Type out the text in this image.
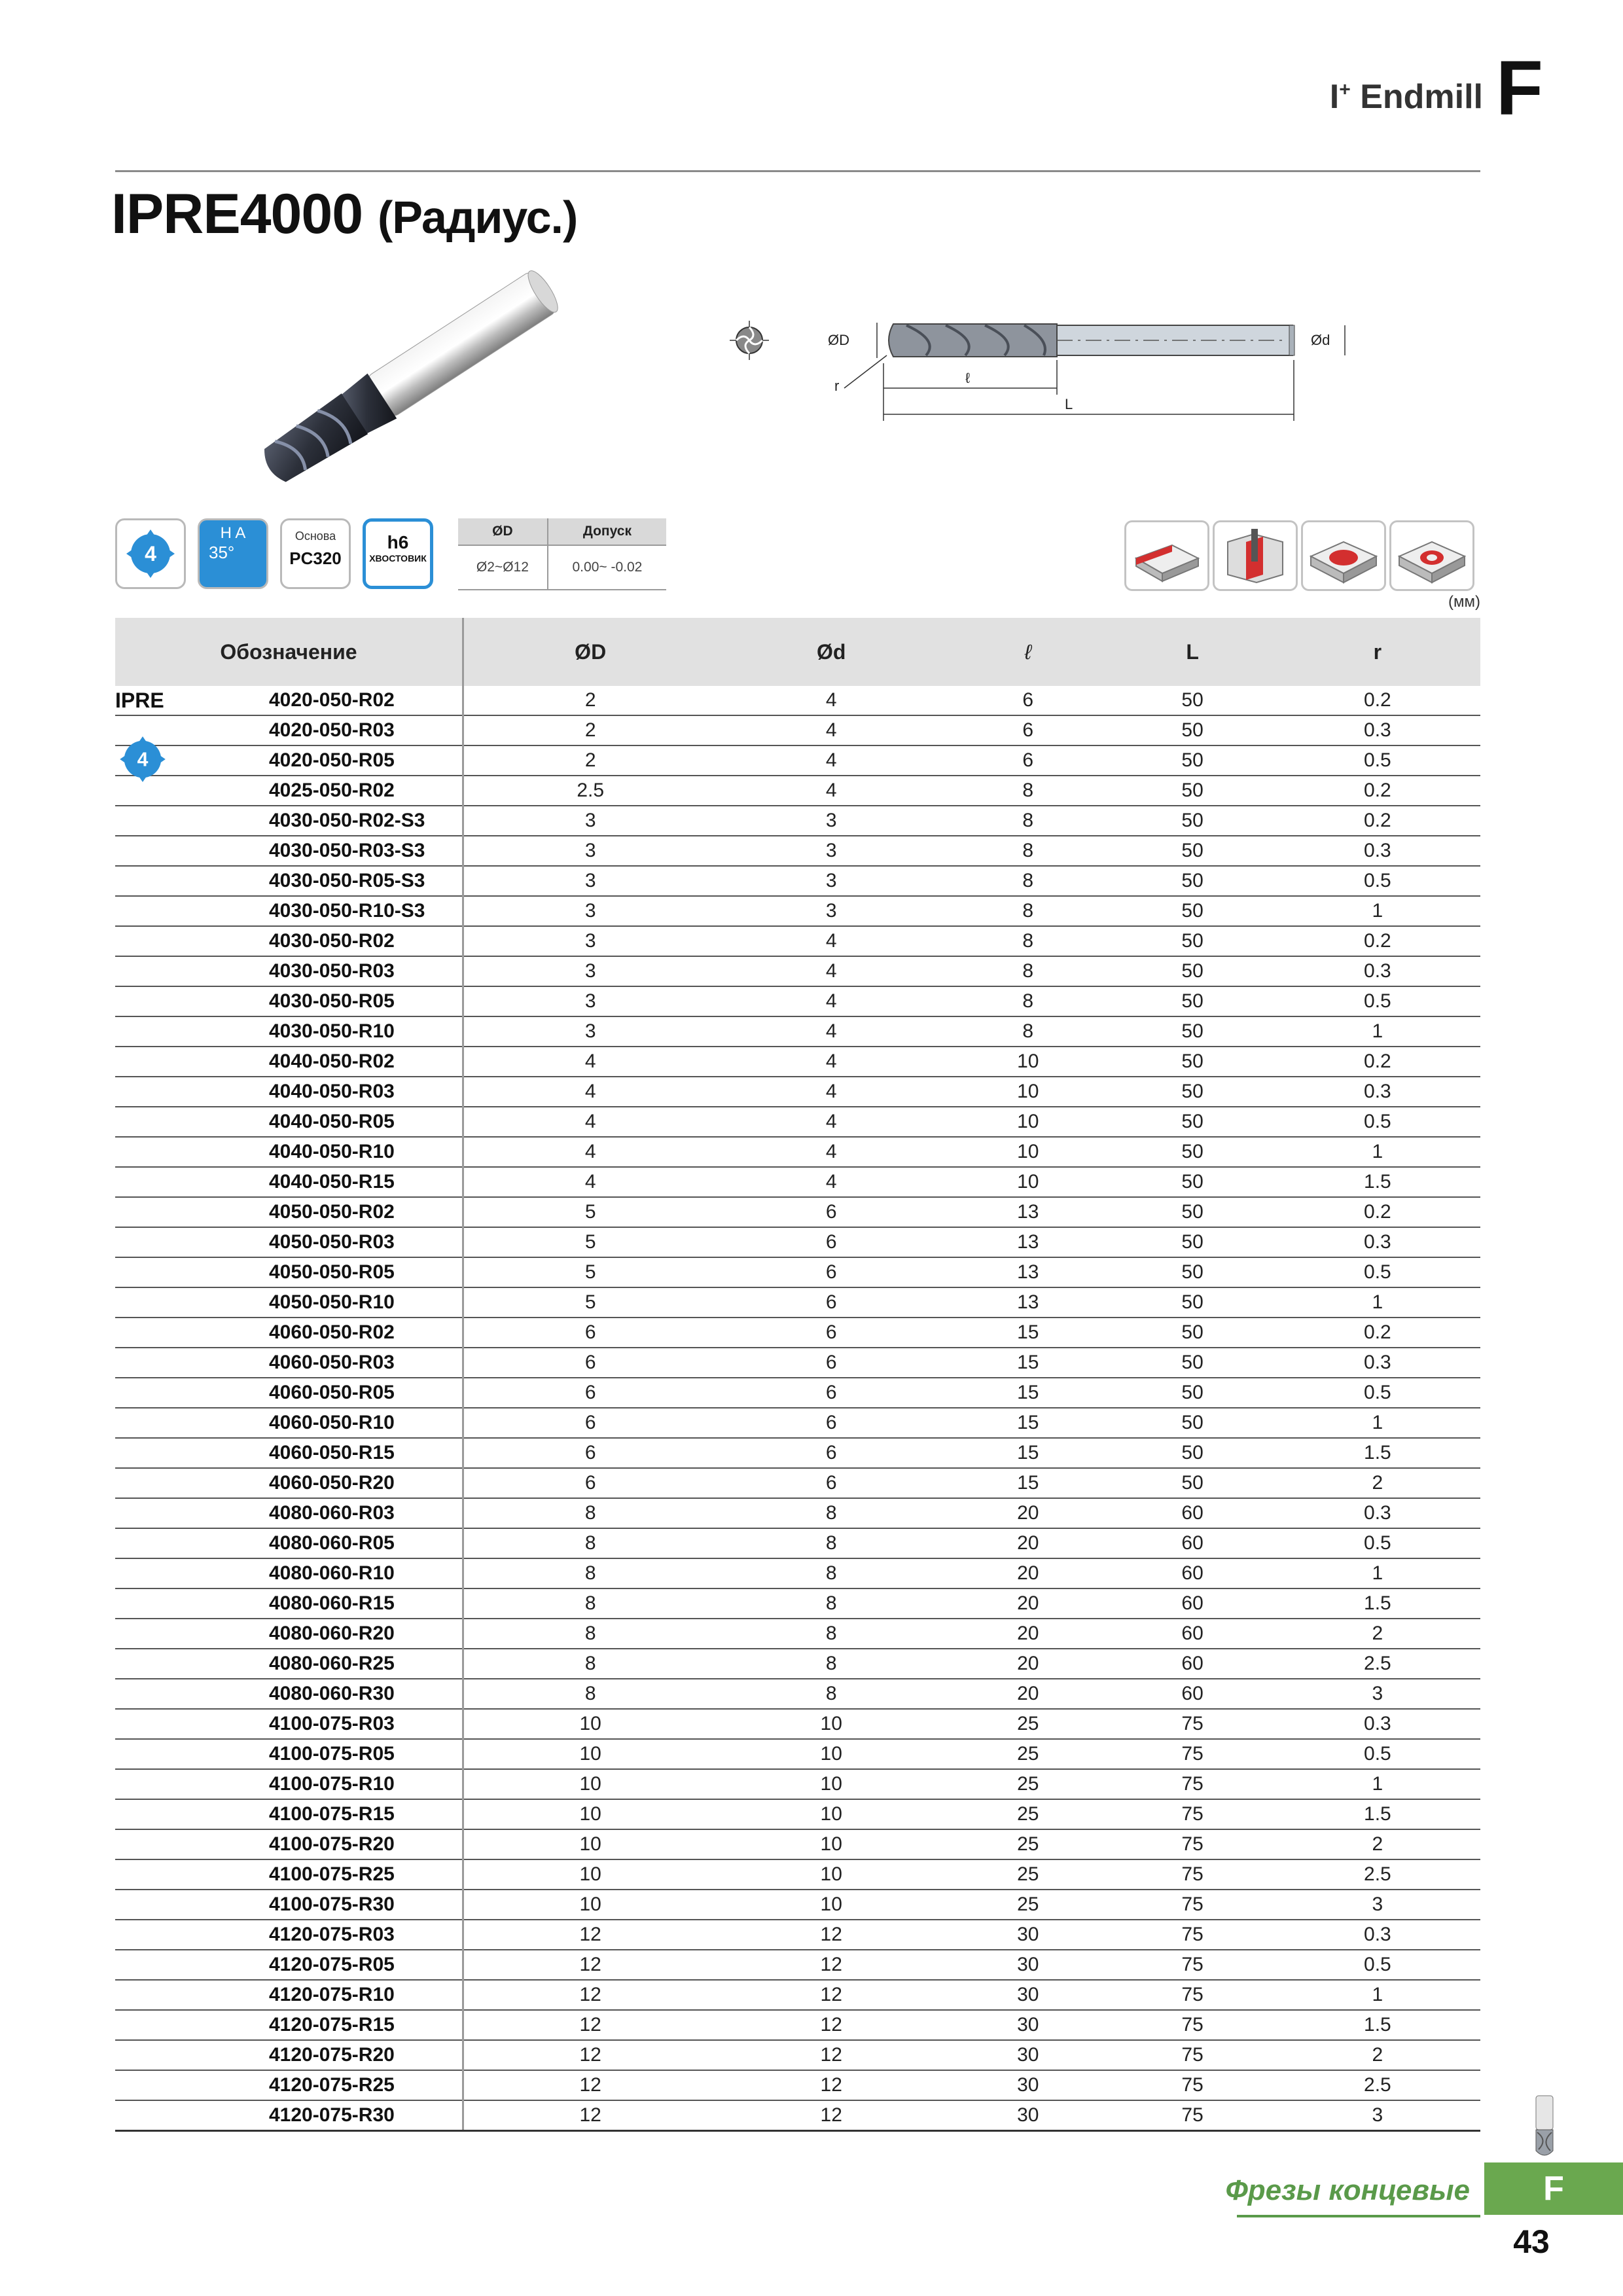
I+ Endmill F
IPRE4000 (Радиус.)
ØD	Ød
r	ℓ
L
4
H A
35°
Основа
PC320
h6
ХВОСТОВИК
ØD	Допуск
Ø2~Ø12	0.00~ -0.02
(мм)
Обозначение	ØD	Ød	ℓ	L	r
4020-050-R02	2	4	6	50	0.2
4020-050-R03	2	4	6	50	0.3
4020-050-R05	2	4	6	50	0.5
4025-050-R02	2.5	4	8	50	0.2
4030-050-R02-S3	3	3	8	50	0.2
4030-050-R03-S3	3	3	8	50	0.3
4030-050-R05-S3	3	3	8	50	0.5
4030-050-R10-S3	3	3	8	50	1
4030-050-R02	3	4	8	50	0.2
4030-050-R03	3	4	8	50	0.3
4030-050-R05	3	4	8	50	0.5
4030-050-R10	3	4	8	50	1
4040-050-R02	4	4	10	50	0.2
4040-050-R03	4	4	10	50	0.3
4040-050-R05	4	4	10	50	0.5
4040-050-R10	4	4	10	50	1
4040-050-R15	4	4	10	50	1.5
4050-050-R02	5	6	13	50	0.2
4050-050-R03	5	6	13	50	0.3
4050-050-R05	5	6	13	50	0.5
4050-050-R10	5	6	13	50	1
4060-050-R02	6	6	15	50	0.2
4060-050-R03	6	6	15	50	0.3
4060-050-R05	6	6	15	50	0.5
4060-050-R10	6	6	15	50	1
4060-050-R15	6	6	15	50	1.5
4060-050-R20	6	6	15	50	2
4080-060-R03	8	8	20	60	0.3
4080-060-R05	8	8	20	60	0.5
4080-060-R10	8	8	20	60	1
4080-060-R15	8	8	20	60	1.5
4080-060-R20	8	8	20	60	2
4080-060-R25	8	8	20	60	2.5
4080-060-R30	8	8	20	60	3
4100-075-R03	10	10	25	75	0.3
4100-075-R05	10	10	25	75	0.5
4100-075-R10	10	10	25	75	1
4100-075-R15	10	10	25	75	1.5
4100-075-R20	10	10	25	75	2
4100-075-R25	10	10	25	75	2.5
4100-075-R30	10	10	25	75	3
4120-075-R03	12	12	30	75	0.3
4120-075-R05	12	12	30	75	0.5
4120-075-R10	12	12	30	75	1
4120-075-R15	12	12	30	75	1.5
4120-075-R20	12	12	30	75	2
4120-075-R25	12	12	30	75	2.5
4120-075-R30	12	12	30	75	3
IPRE
4
Фрезы концевые	F
43
